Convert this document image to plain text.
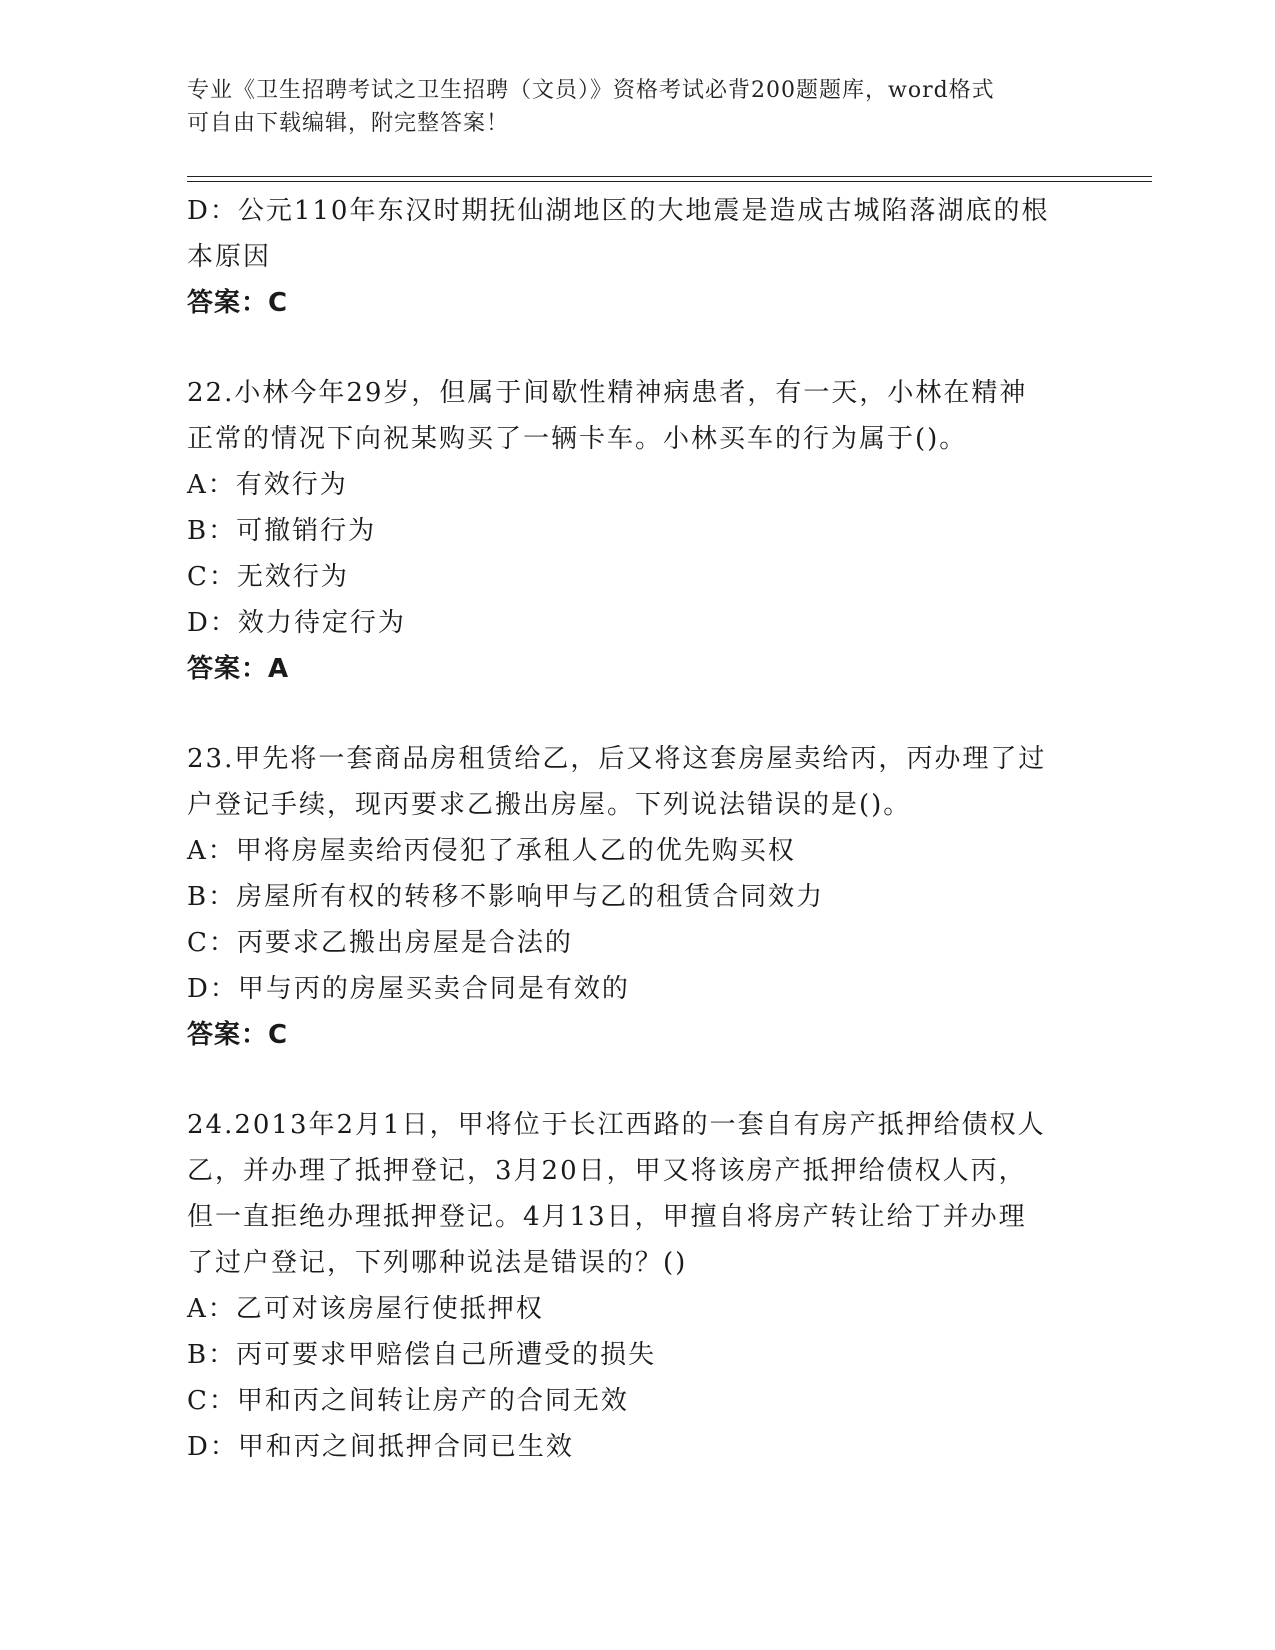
专业《卫生招聘考试之卫生招聘（文员）》资格考试必背200题题库，word格式
可自由下载编辑，附完整答案！
D：公元110年东汉时期抚仙湖地区的大地震是造成古城陷落湖底的根
本原因
答案：C
22.小林今年29岁，但属于间歇性精神病患者，有一天，小林在精神
正常的情况下向祝某购买了一辆卡车。小林买车的行为属于()。
A：有效行为
B：可撤销行为
C：无效行为
D：效力待定行为
答案：A
23.甲先将一套商品房租赁给乙，后又将这套房屋卖给丙，丙办理了过
户登记手续，现丙要求乙搬出房屋。下列说法错误的是()。
A：甲将房屋卖给丙侵犯了承租人乙的优先购买权
B：房屋所有权的转移不影响甲与乙的租赁合同效力
C：丙要求乙搬出房屋是合法的
D：甲与丙的房屋买卖合同是有效的
答案：C
24.2013年2月1日，甲将位于长江西路的一套自有房产抵押给债权人
乙，并办理了抵押登记，3月20日，甲又将该房产抵押给债权人丙，
但一直拒绝办理抵押登记。4月13日，甲擅自将房产转让给丁并办理
了过户登记，下列哪种说法是错误的？()
A：乙可对该房屋行使抵押权
B：丙可要求甲赔偿自己所遭受的损失
C：甲和丙之间转让房产的合同无效
D：甲和丙之间抵押合同已生效
